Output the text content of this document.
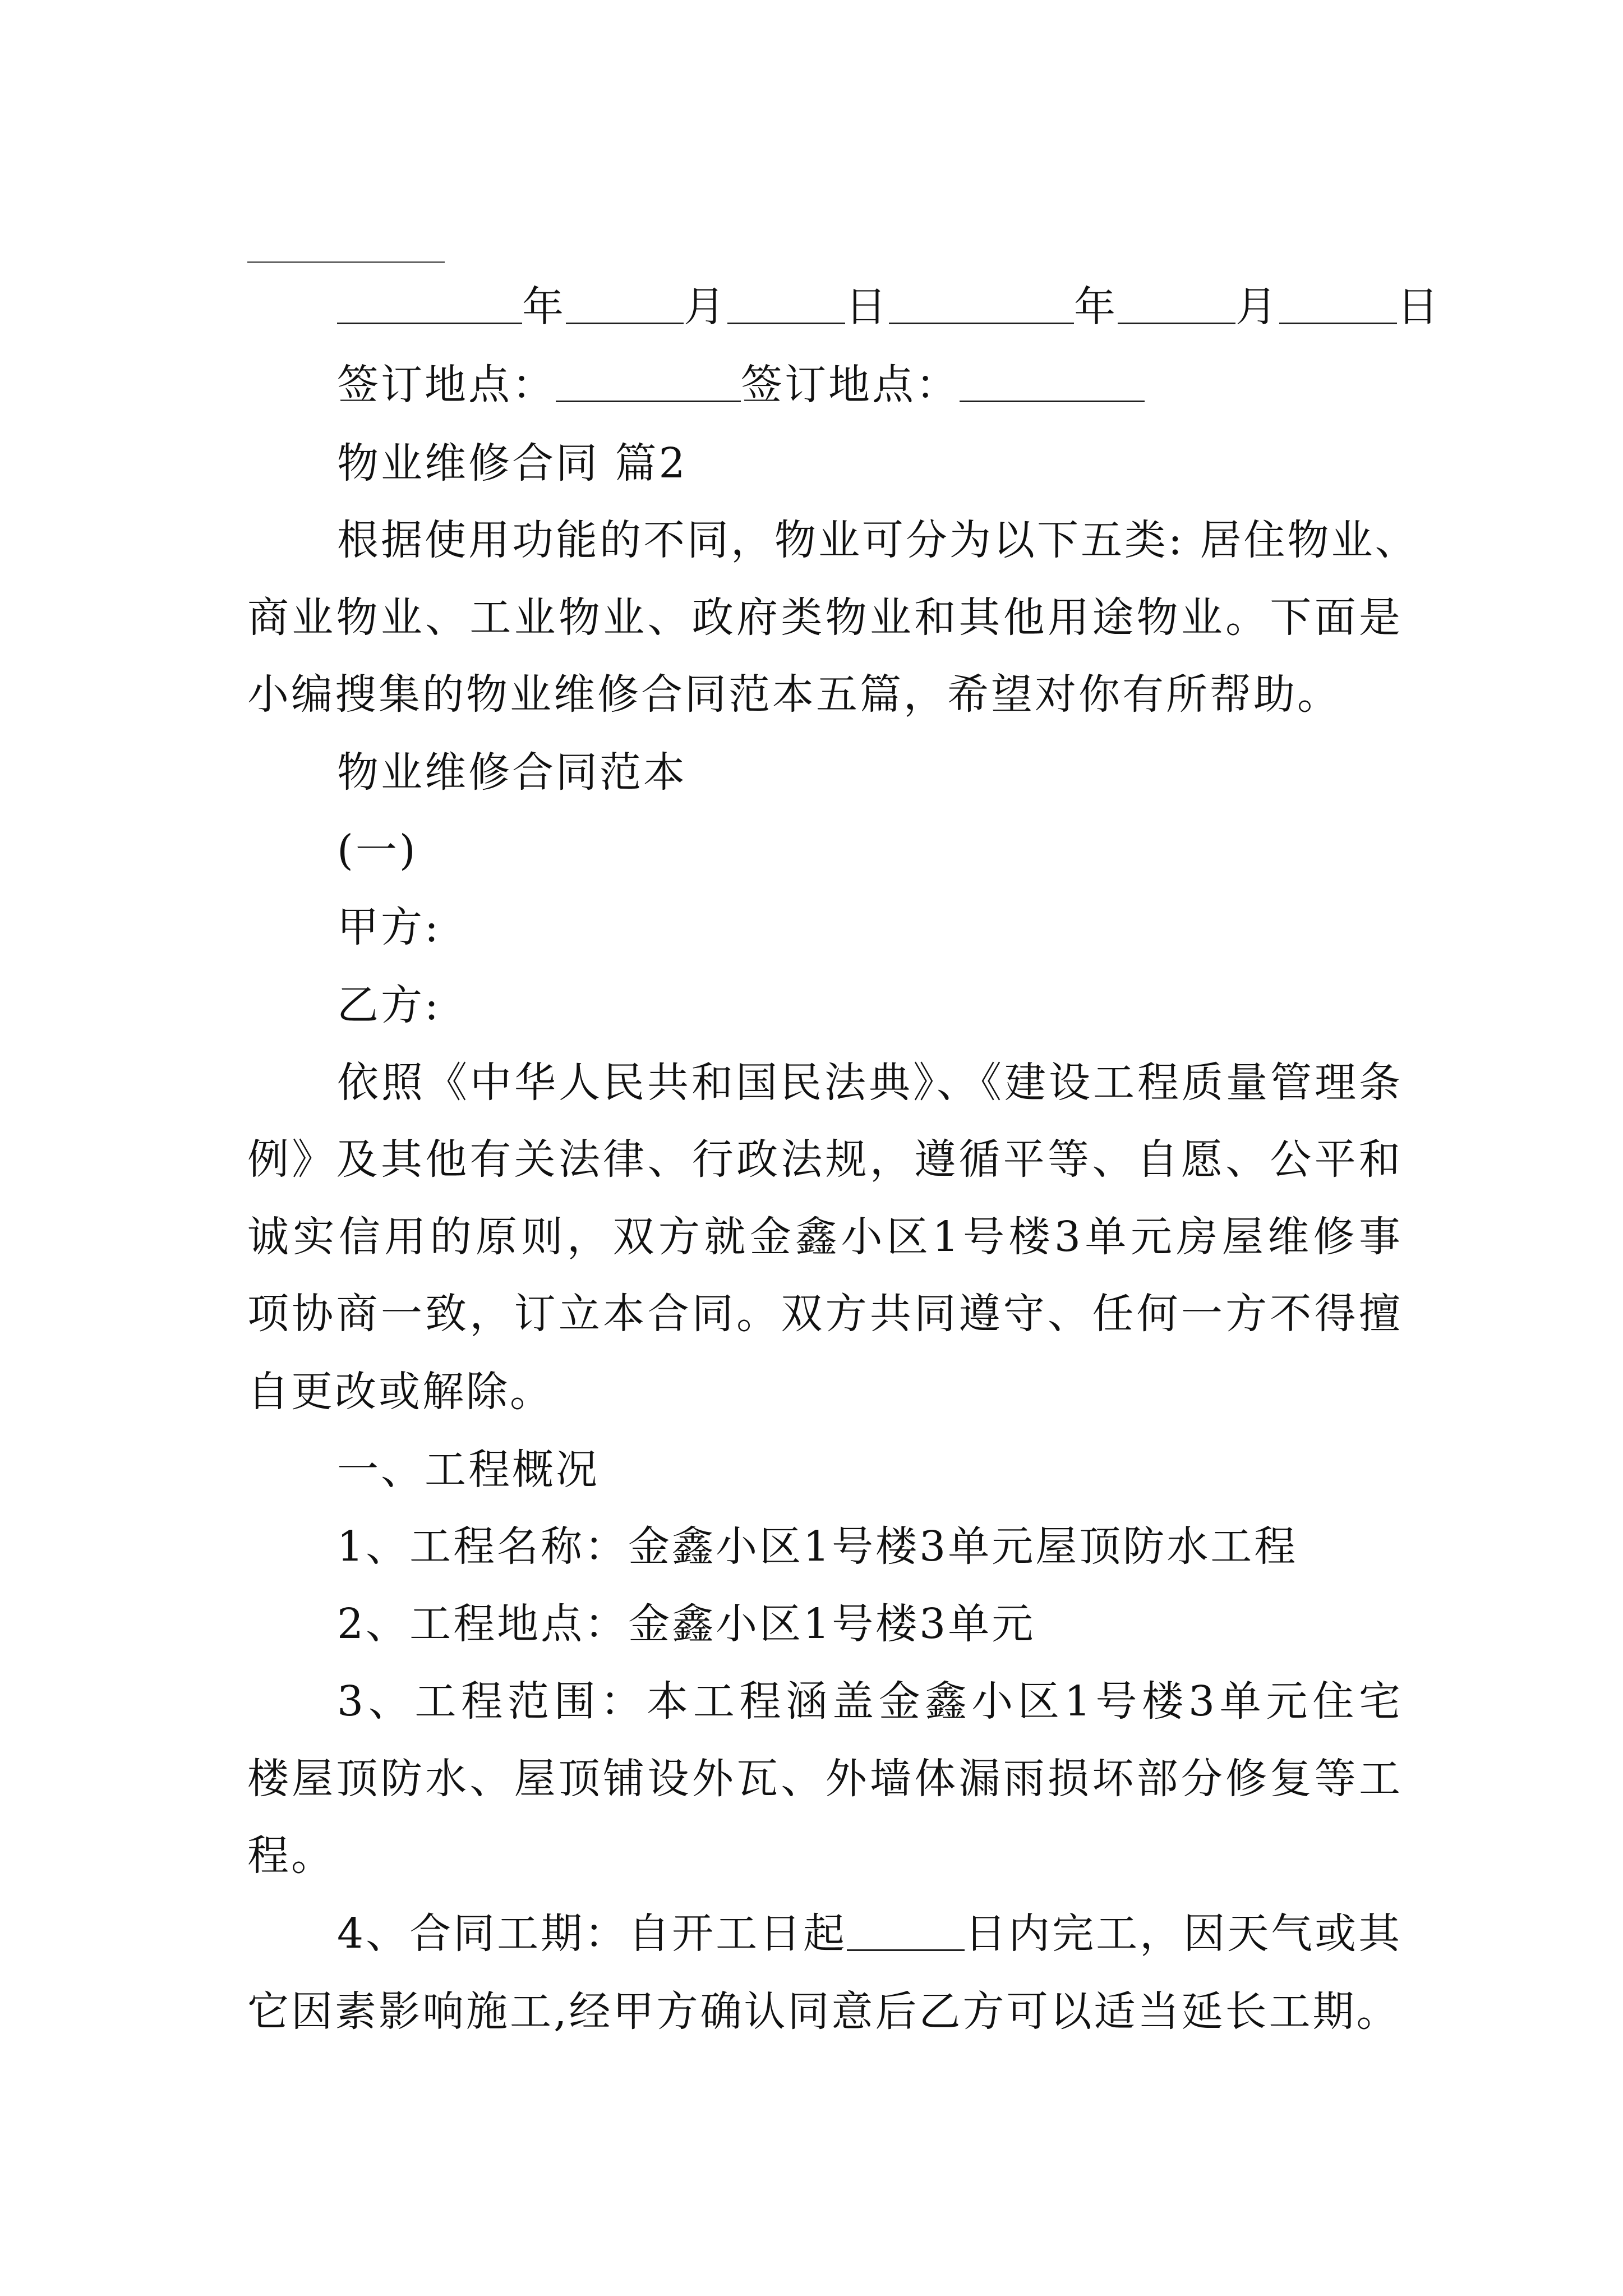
年	月	日	年	月	日
签订地点：	签订地点：
物业维修合同 篇2
根据使用功能的不同，物业可分为以下五类: 居住物业、
商业物业、工业物业、政府类物业和其他用途物业。下面是
小编搜集的物业维修合同范本五篇，希望对你有所帮助。
物业维修合同范本
(一)
甲方:
乙方:
依照《中华人民共和国民法典》、《建设工程质量管理条
例》及其他有关法律、行政法规，遵循平等、自愿、公平和
诚实信用的原则，双方就金鑫小区1号楼3单元房屋维修事
项协商一致，订立本合同。双方共同遵守、任何一方不得擅
自更改或解除。
一、工程概况
1、工程名称：金鑫小区1号楼3单元屋顶防水工程
2、工程地点：金鑫小区1号楼3单元
3、工程范围：本工程涵盖金鑫小区1号楼3单元住宅
楼屋顶防水、屋顶铺设外瓦、外墙体漏雨损坏部分修复等工
程。
4、合同工期：自开工日起	日内完工，因天气或其
它因素影响施工,经甲方确认同意后乙方可以适当延长工期。
